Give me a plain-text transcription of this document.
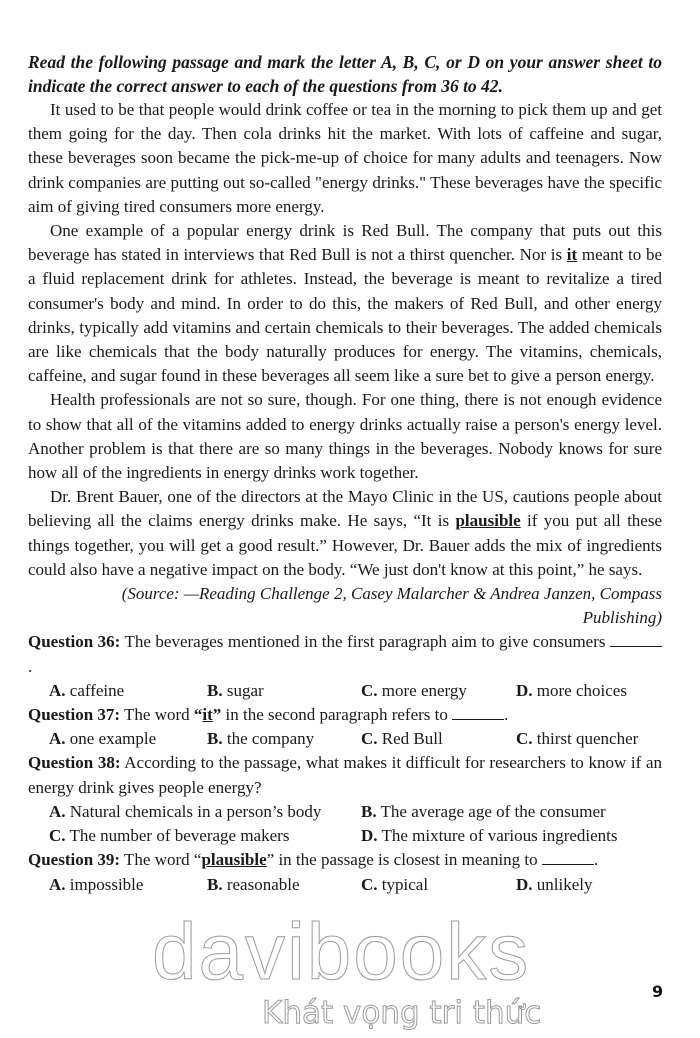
davibooks
Khát vọng tri thức
Read the following passage and mark the letter A, B, C, or D on your answer sheet to indicate the correct answer to each of the questions from 36 to 42.

It used to be that people would drink coffee or tea in the morning to pick them up and get them going for the day. Then cola drinks hit the market. With lots of caffeine and sugar, these beverages soon became the pick-me-up of choice for many adults and teenagers. Now drink companies are putting out so-called "energy drinks." These beverages have the specific aim of giving tired consumers more energy.

One example of a popular energy drink is Red Bull. The company that puts out this beverage has stated in interviews that Red Bull is not a thirst quencher. Nor is it meant to be a fluid replacement drink for athletes. Instead, the beverage is meant to revitalize a tired consumer's body and mind. In order to do this, the makers of Red Bull, and other energy drinks, typically add vitamins and certain chemicals to their beverages. The added chemicals are like chemicals that the body naturally produces for energy. The vitamins, chemicals, caffeine, and sugar found in these beverages all seem like a sure bet to give a person energy.

Health professionals are not so sure, though. For one thing, there is not enough evidence to show that all of the vitamins added to energy drinks actually raise a person's energy level. Another problem is that there are so many things in the beverages. Nobody knows for sure how all of the ingredients in energy drinks work together.

Dr. Brent Bauer, one of the directors at the Mayo Clinic in the US, cautions people about believing all the claims energy drinks make. He says, “It is plausible if you put all these things together, you will get a good result.” However, Dr. Bauer adds the mix of ingredients could also have a negative impact on the body. “We just don't know at this point,” he says.

(Source: —Reading Challenge 2, Casey Malarcher & Andrea Janzen, Compass Publishing)

Question 36: The beverages mentioned in the first paragraph aim to give consumers .

A. caffeine	B. sugar	C. more energy	D. more choices

Question 37: The word “it” in the second paragraph refers to	.

A. one example	B. the company	C. Red Bull	C. thirst quencher

Question 38: According to the passage, what makes it difficult for researchers to know if an energy drink gives people energy?

A. Natural chemicals in a person’s body	B. The average age of the consumer
C. The number of beverage makers	D. The mixture of various ingredients

Question 39: The word “plausible” in the passage is closest in meaning to	.

A. impossible	B. reasonable	C. typical	D. unlikely
9
